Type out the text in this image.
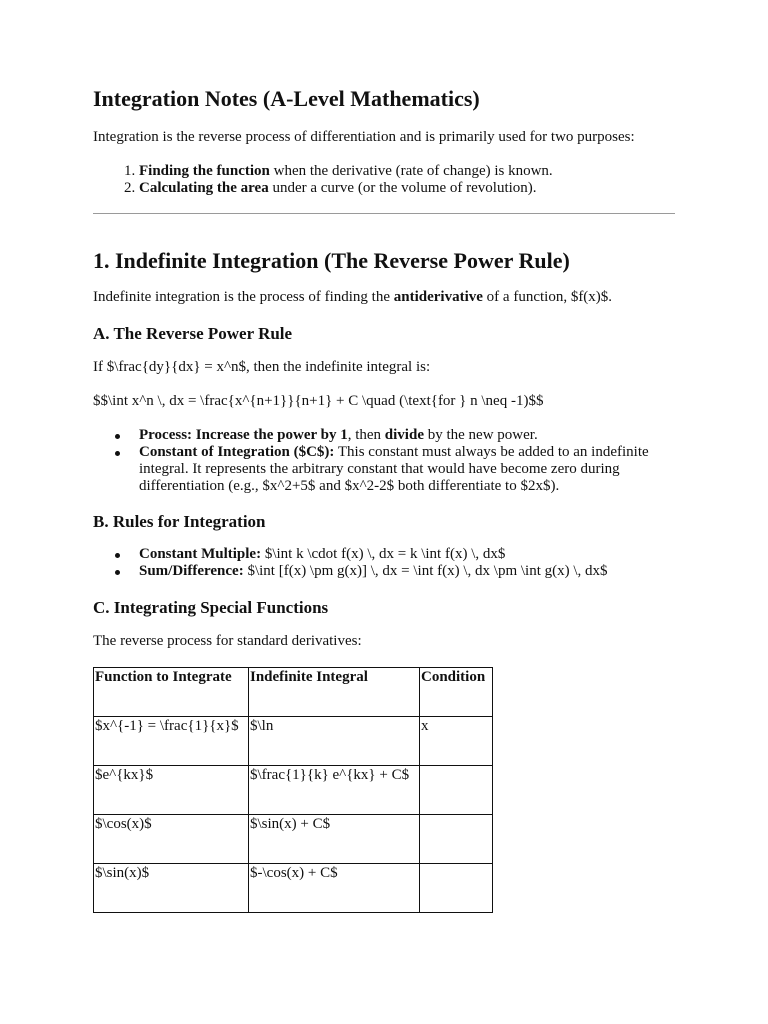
Integration Notes (A-Level Mathematics)

Integration is the reverse process of differentiation and is primarily used for two purposes:

1. Finding the function when the derivative (rate of change) is known.
2. Calculating the area under a curve (or the volume of revolution).
1. Indefinite Integration (The Reverse Power Rule)

Indefinite integration is the process of finding the antiderivative of a function, $f(x)$.

A. The Reverse Power Rule

If $\frac{dy}{dx} = x^n$, then the indefinite integral is:

$$\int x^n \, dx = \frac{x^{n+1}}{n+1} + C \quad (\text{for } n \neq -1)$$

Process: Increase the power by 1, then divide by the new power.
Constant of Integration ($C$): This constant must always be added to an indefinite integral. It represents the arbitrary constant that would have become zero during differentiation (e.g., $x^2+5$ and $x^2-2$ both differentiate to $2x$).
B. Rules for Integration
Constant Multiple: $\int k \cdot f(x) \, dx = k \int f(x) \, dx$
Sum/Difference: $\int [f(x) \pm g(x)] \, dx = \int f(x) \, dx \pm \int g(x) \, dx$
C. Integrating Special Functions

The reverse process for standard derivatives:

Function to Integrate	Indefinite Integral	Condition
$x^{-1} = \frac{1}{x}$	$\ln	x
$e^{kx}$	$\frac{1}{k} e^{kx} + C$	
$\cos(x)$	$\sin(x) + C$	
$\sin(x)$	$-\cos(x) + C$	
